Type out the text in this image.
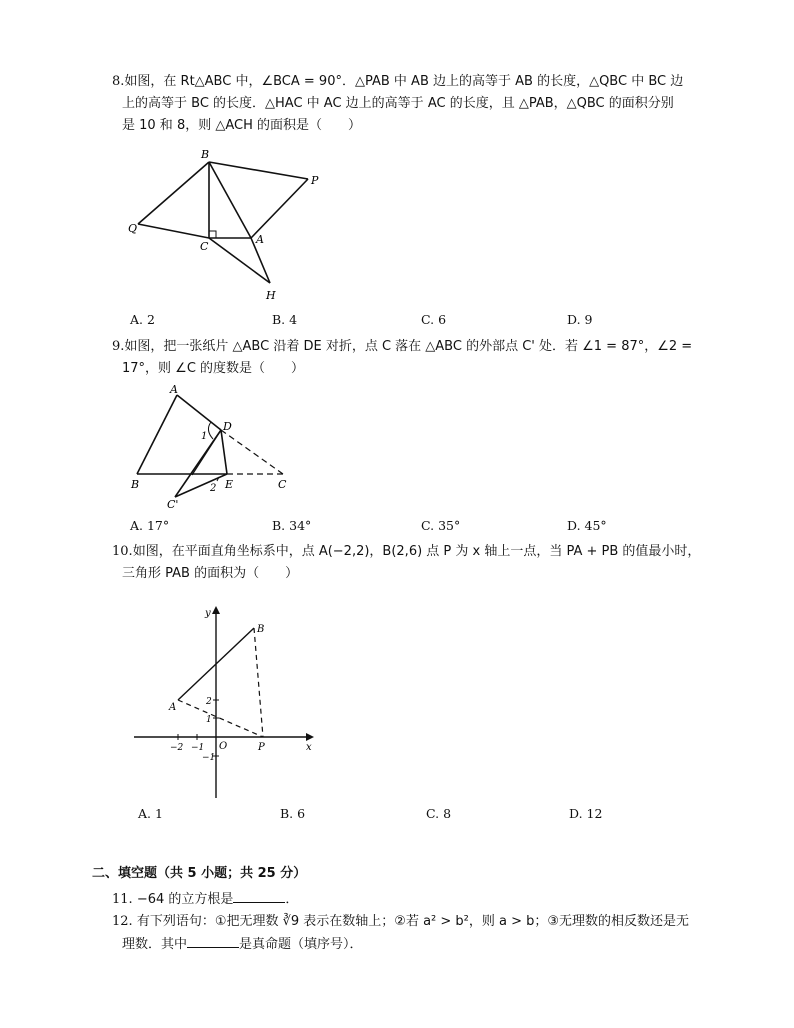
8.如图，在 Rt△ABC 中，∠BCA = 90°．△PAB 中 AB 边上的高等于 AB 的长度，△QBC 中 BC 边

上的高等于 BC 的长度．△HAC 中 AC 边上的高等于 AC 的长度，且 △PAB，△QBC 的面积分别

是 10 和 8，则 △ACH 的面积是（　　）

B
P
Q
C
A
H
A. 2	B. 4	C. 6	D. 9

9.如图，把一张纸片 △ABC 沿着 DE 对折，点 C 落在 △ABC 的外部点 C' 处．若 ∠1 = 87°，∠2 =

17°，则 ∠C 的度数是（　　）

A
D
1
B	E	C
C'
2
A. 17°	B. 34°	C. 35°	D. 45°

10.如图，在平面直角坐标系中，点 A(−2,2)，B(2,6) 点 P 为 x 轴上一点，当 PA + PB 的值最小时，

三角形 PAB 的面积为（　　）

y
x
B
A
P
O
2
1
−1
−2 −1
A. 1	B. 6	C. 8	D. 12
二、填空题（共 5 小题；共 25 分）

11. −64 的立方根是	．

12. 有下列语句：①把无理数 ∛9 表示在数轴上；②若 a² > b²，则 a > b；③无理数的相反数还是无

理数．其中	是真命题（填序号）．
